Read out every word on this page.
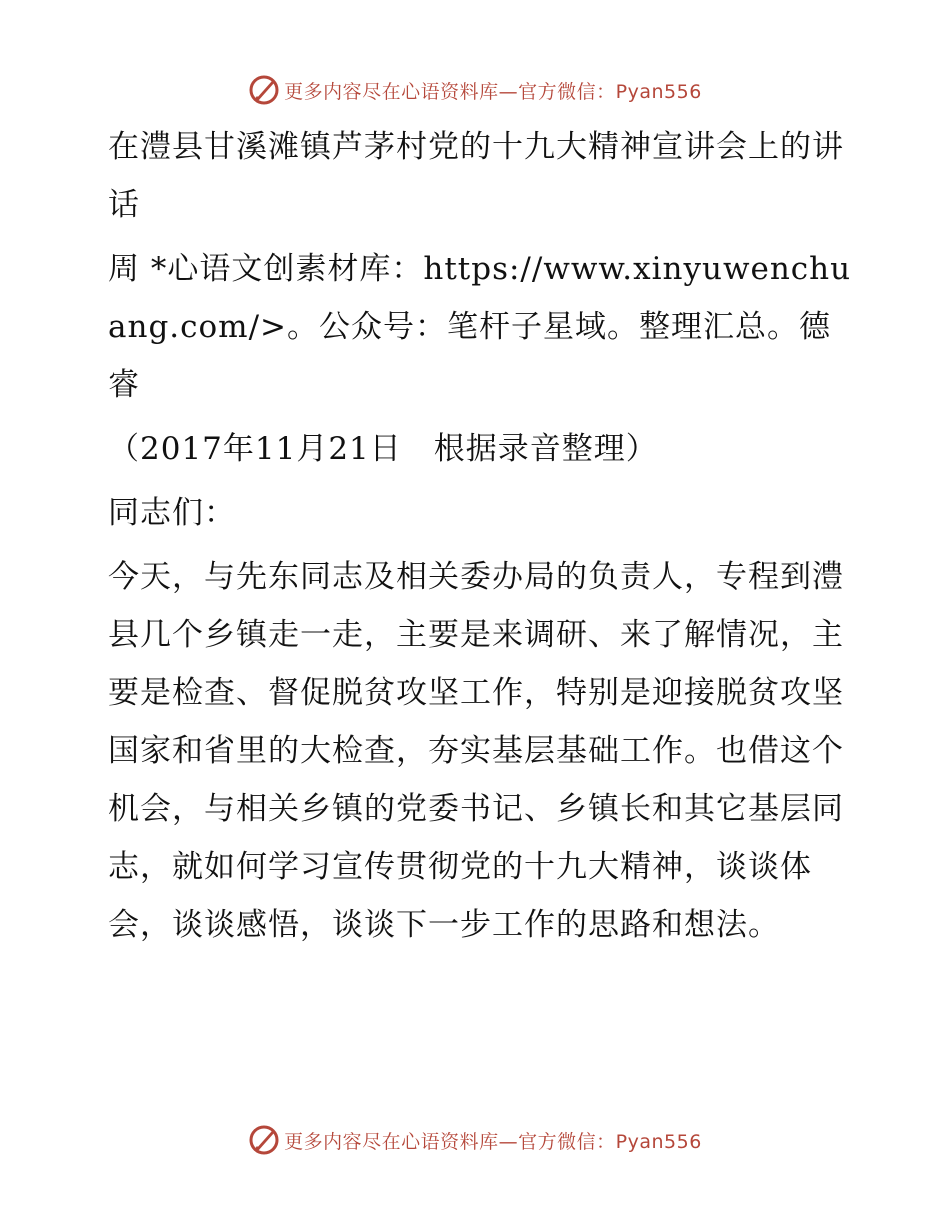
更多内容尽在心语资料库—官方微信：Pyan556

在澧县甘溪滩镇芦茅村党的十九大精神宣讲会上的讲话

周 *心语文创素材库：https://www.xinyuwenchuang.com/>。公众号：笔杆子星域。整理汇总。德 睿

（2017年11月21日　根据录音整理）

同志们：

今天，与先东同志及相关委办局的负责人，专程到澧县几个乡镇走一走，主要是来调研、来了解情况，主要是检查、督促脱贫攻坚工作，特别是迎接脱贫攻坚国家和省里的大检查，夯实基层基础工作。也借这个机会，与相关乡镇的党委书记、乡镇长和其它基层同志，就如何学习宣传贯彻党的十九大精神，谈谈体会，谈谈感悟，谈谈下一步工作的思路和想法。

更多内容尽在心语资料库—官方微信：Pyan556
